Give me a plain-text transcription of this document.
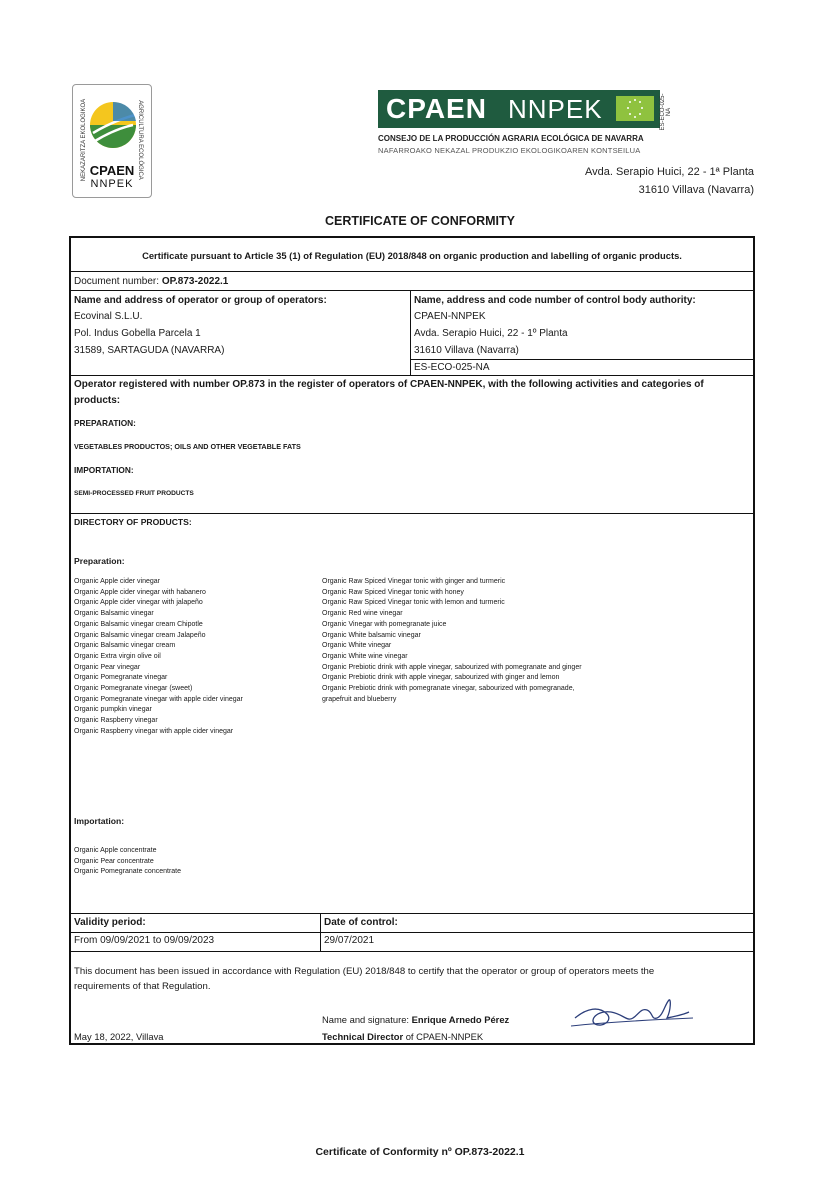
NEKAZARITZA EKOLOGIKOA	AGRICULTURA ECOLÓGICA
CPAEN
NNPEK
CPAEN NNPEK	ES-ECO-025-NA
CONSEJO DE LA PRODUCCIÓN AGRARIA ECOLÓGICA DE NAVARRA
NAFARROAKO NEKAZAL PRODUKZIO EKOLOGIKOAREN KONTSEILUA
Avda. Serapio Huici, 22 - 1ª Planta
31610 Villava (Navarra)
CERTIFICATE OF CONFORMITY
Certificate pursuant to Article 35 (1) of Regulation (EU) 2018/848 on organic production and labelling of organic products.
Document number: OP.873-2022.1
Name and address of operator or group of operators:
Ecovinal S.L.U.
Pol. Indus Gobella Parcela 1
31589, SARTAGUDA (NAVARRA)
Name, address and code number of control body authority:
CPAEN-NNPEK
Avda. Serapio Huici, 22 - 1º Planta
31610 Villava (Navarra)
ES-ECO-025-NA
Operator registered with number OP.873 in the register of operators of CPAEN-NNPEK, with the following activities and categories of
products:
PREPARATION:
VEGETABLES PRODUCTOS; OILS AND OTHER VEGETABLE FATS
IMPORTATION:
SEMI-PROCESSED FRUIT PRODUCTS
DIRECTORY OF PRODUCTS:
Preparation:
Organic Apple cider vinegar
Organic Apple cider vinegar with habanero
Organic Apple cider vinegar with jalapeño
Organic Balsamic vinegar
Organic Balsamic vinegar cream Chipotle
Organic Balsamic vinegar cream Jalapeño
Organic Balsamic vinegar cream
Organic Extra virgin olive oil
Organic Pear vinegar
Organic Pomegranate vinegar
Organic Pomegranate vinegar (sweet)
Organic Pomegranate vinegar with apple cider vinegar
Organic pumpkin vinegar
Organic Raspberry vinegar
Organic Raspberry vinegar with apple cider vinegar
Organic Raw Spiced Vinegar tonic with ginger and turmeric
Organic Raw Spiced Vinegar tonic with honey
Organic Raw Spiced Vinegar tonic with lemon and turmeric
Organic Red wine vinegar
Organic Vinegar with pomegranate juice
Organic White balsamic vinegar
Organic White vinegar
Organic White wine vinegar
Organic Prebiotic drink with apple vinegar, sabourized with pomegranate and ginger
Organic Prebiotic drink with apple vinegar, sabourized with ginger and lemon
Organic Prebiotic drink with pomegranate vinegar, sabourized with pomegranade,
grapefruit and blueberry
Importation:
Organic Apple concentrate
Organic Pear concentrate
Organic Pomegranate concentrate
Validity period:
From 09/09/2021 to 09/09/2023
Date of control:
29/07/2021
This document has been issued in accordance with Regulation (EU) 2018/848 to certify that the operator or group of operators meets the
requirements of that Regulation.
Name and signature: Enrique Arnedo Pérez
Technical Director of CPAEN-NNPEK
May 18, 2022, Villava
Certificate of Conformity nº OP.873-2022.1
